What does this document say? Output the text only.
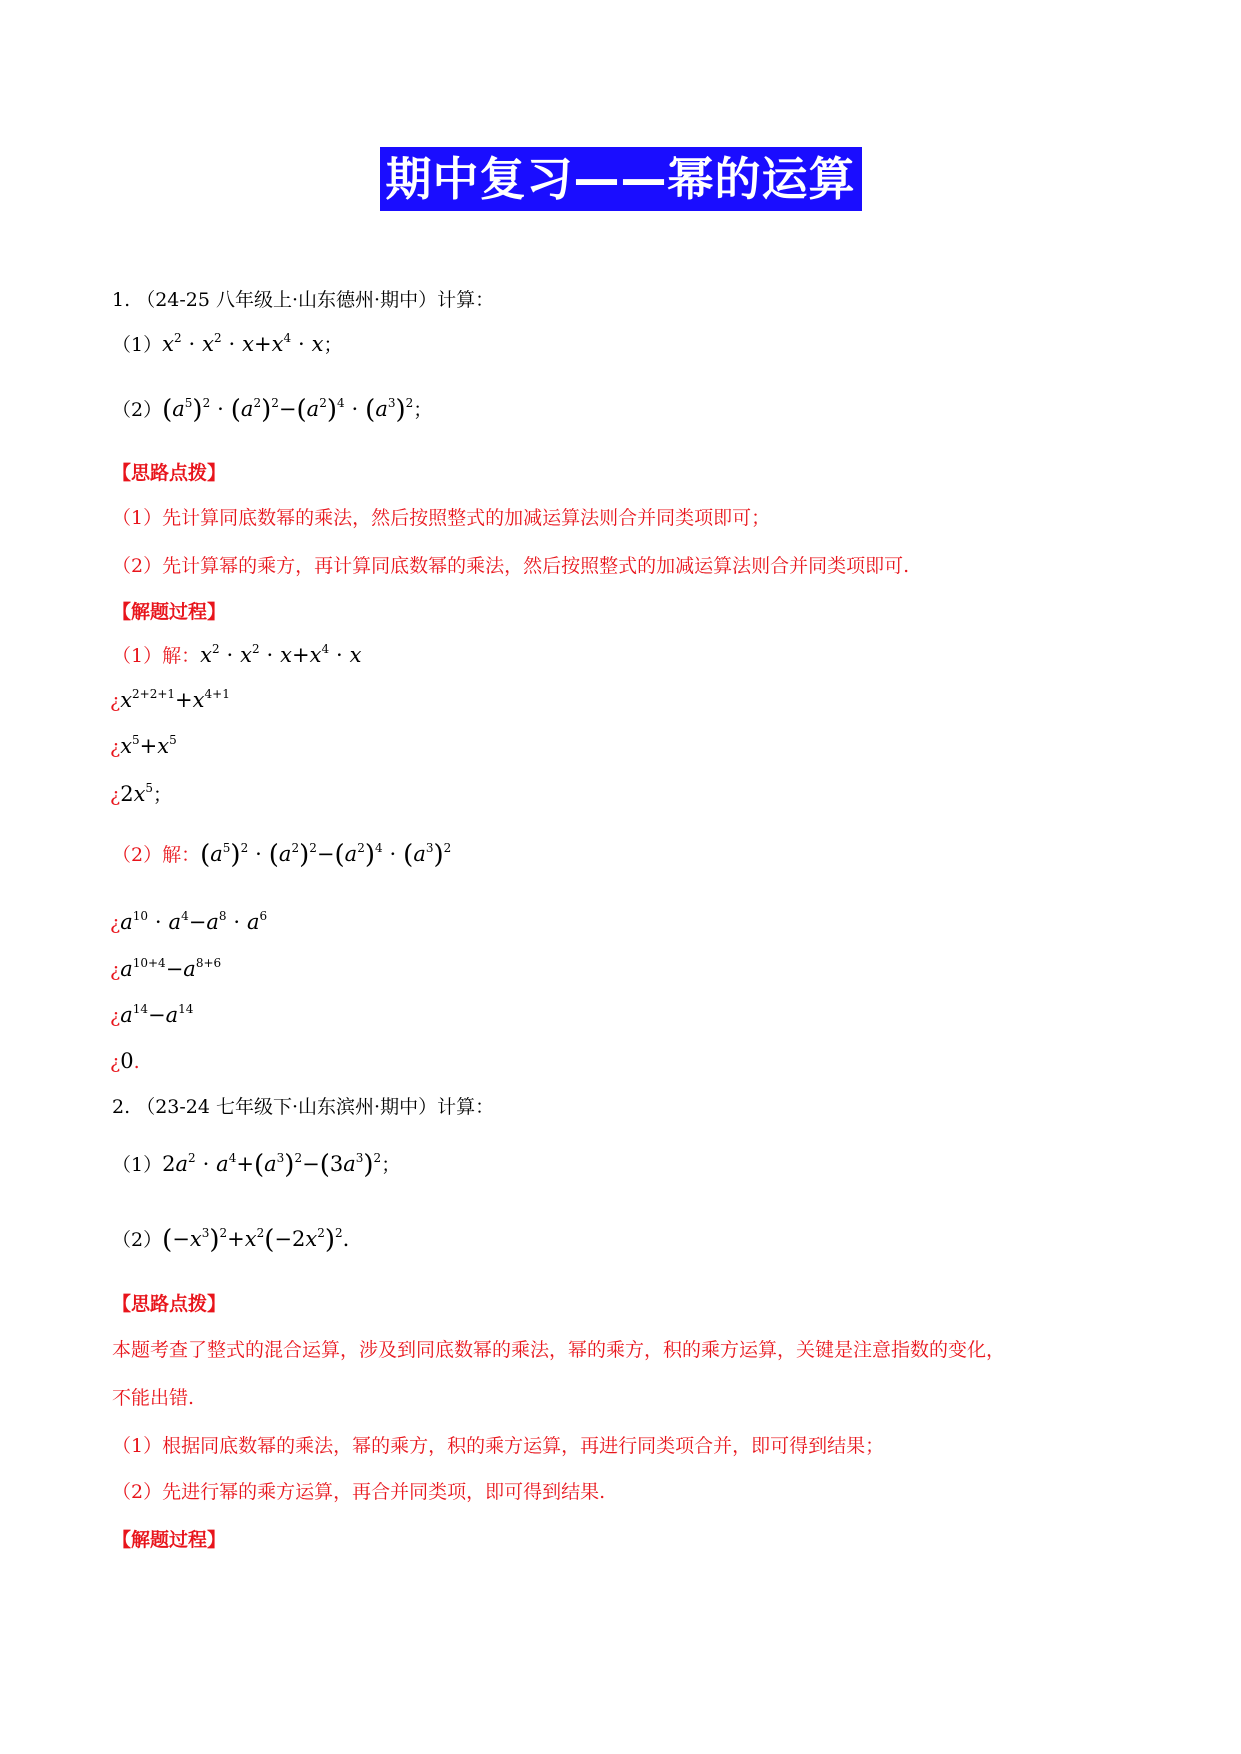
期中复习——幂的运算
1. （24-25 八年级上·山东德州·期中）计算：
$(1)x^2 \cdot x^2 \cdot x+x^4 \cdot x$；
$(2)(a^5)^2 \cdot (a^2)^2-(a^2)^4 \cdot (a^3)^2$；
【思路点拨】
（1）先计算同底数幂的乘法，然后按照整式的加减运算法则合并同类项即可；
（2）先计算幂的乘方，再计算同底数幂的乘法，然后按照整式的加减运算法则合并同类项即可.
【解题过程】
（1）解：$x^2 \cdot x^2 \cdot x+x^4 \cdot x$
¿$x^{2+2+1}+x^{4+1}$
¿$x^5+x^5$
¿$2x^5$；
（2）解：$(a^5)^2 \cdot (a^2)^2-(a^2)^4 \cdot (a^3)^2$
¿$a^{10} \cdot a^4-a^8 \cdot a^6$
¿$a^{10+4}-a^{8+6}$
¿$a^{14}-a^{14}$
¿0.
2. （23-24 七年级下·山东滨州·期中）计算：
$(1)2a^2 \cdot a^4+(a^3)^2-(3a^3)^2$；
$(2)(-x^3)^2+x^2(-2x^2)^2$.
【思路点拨】
本题考查了整式的混合运算，涉及到同底数幂的乘法，幂的乘方，积的乘方运算，关键是注意指数的变化，
不能出错.
（1）根据同底数幂的乘法，幂的乘方，积的乘方运算，再进行同类项合并，即可得到结果；
（2）先进行幂的乘方运算，再合并同类项，即可得到结果.
【解题过程】
